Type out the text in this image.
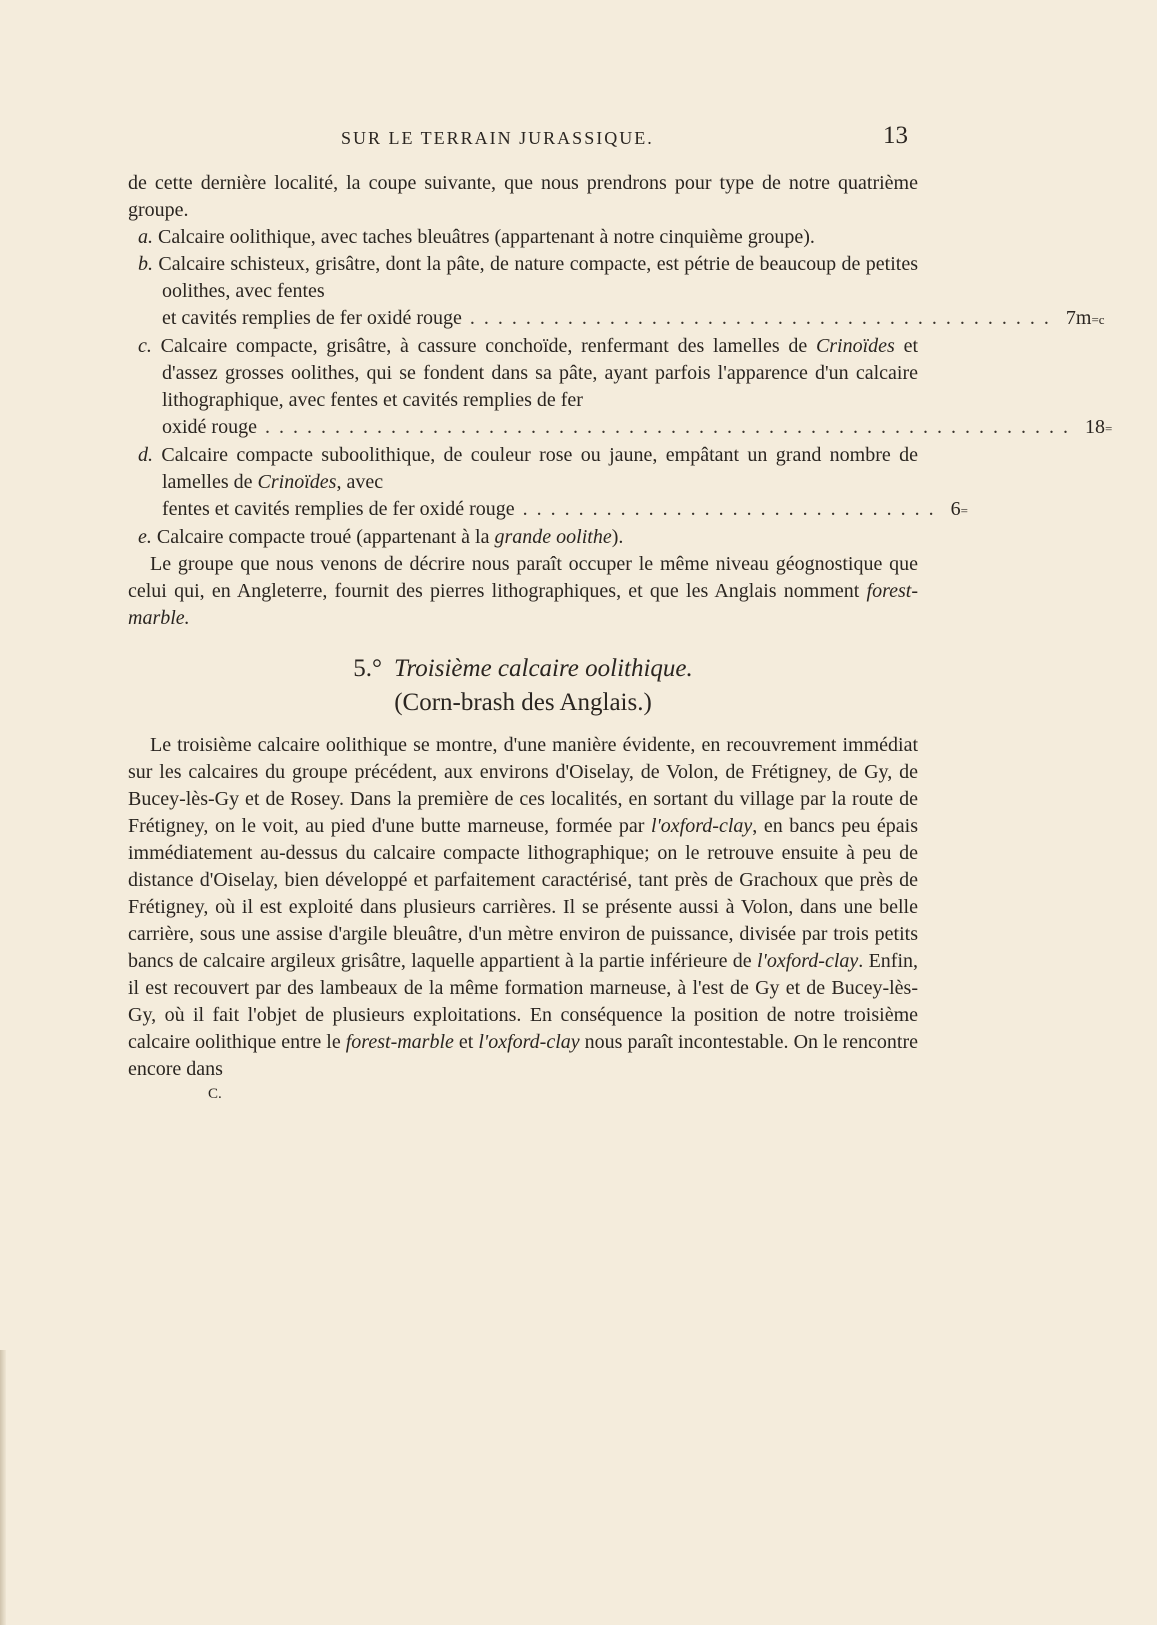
SUR LE TERRAIN JURASSIQUE.	13

de cette dernière localité, la coupe suivante, que nous prendrons pour type de notre quatrième groupe.

a. Calcaire oolithique, avec taches bleuâtres (appartenant à notre cinquième groupe).

b. Calcaire schisteux, grisâtre, dont la pâte, de nature compacte, est pétrie de beaucoup de petites oolithes, avec fentes

et cavités remplies de fer oxidé rouge .......................................... 7m =c

c. Calcaire compacte, grisâtre, à cassure conchoïde, renfermant des lamelles de Crinoïdes et d'assez grosses oolithes, qui se fondent dans sa pâte, ayant parfois l'apparence d'un calcaire lithographique, avec fentes et cavités remplies de fer

oxidé rouge .......................................................... 18 =

d. Calcaire compacte suboolithique, de couleur rose ou jaune, empâtant un grand nombre de lamelles de Crinoïdes, avec

fentes et cavités remplies de fer oxidé rouge .............................. 6 =

e. Calcaire compacte troué (appartenant à la grande oolithe).

Le groupe que nous venons de décrire nous paraît occuper le même niveau géognostique que celui qui, en Angleterre, fournit des pierres lithographiques, et que les Anglais nomment forest-marble.

5.° Troisième calcaire oolithique.
(Corn-brash des Anglais.)

Le troisième calcaire oolithique se montre, d'une manière évidente, en recouvrement immédiat sur les calcaires du groupe précédent, aux environs d'Oiselay, de Volon, de Frétigney, de Gy, de Bucey-lès-Gy et de Rosey. Dans la première de ces localités, en sortant du village par la route de Frétigney, on le voit, au pied d'une butte marneuse, formée par l'oxford-clay, en bancs peu épais immédiatement au-dessus du calcaire compacte lithographique; on le retrouve ensuite à peu de distance d'Oiselay, bien développé et parfaitement caractérisé, tant près de Grachoux que près de Frétigney, où il est exploité dans plusieurs carrières. Il se présente aussi à Volon, dans une belle carrière, sous une assise d'argile bleuâtre, d'un mètre environ de puissance, divisée par trois petits bancs de calcaire argileux grisâtre, laquelle appartient à la partie inférieure de l'oxford-clay. Enfin, il est recouvert par des lambeaux de la même formation marneuse, à l'est de Gy et de Bucey-lès-Gy, où il fait l'objet de plusieurs exploitations. En conséquence la position de notre troisième calcaire oolithique entre le forest-marble et l'oxford-clay nous paraît incontestable. On le rencontre encore dans

C.
